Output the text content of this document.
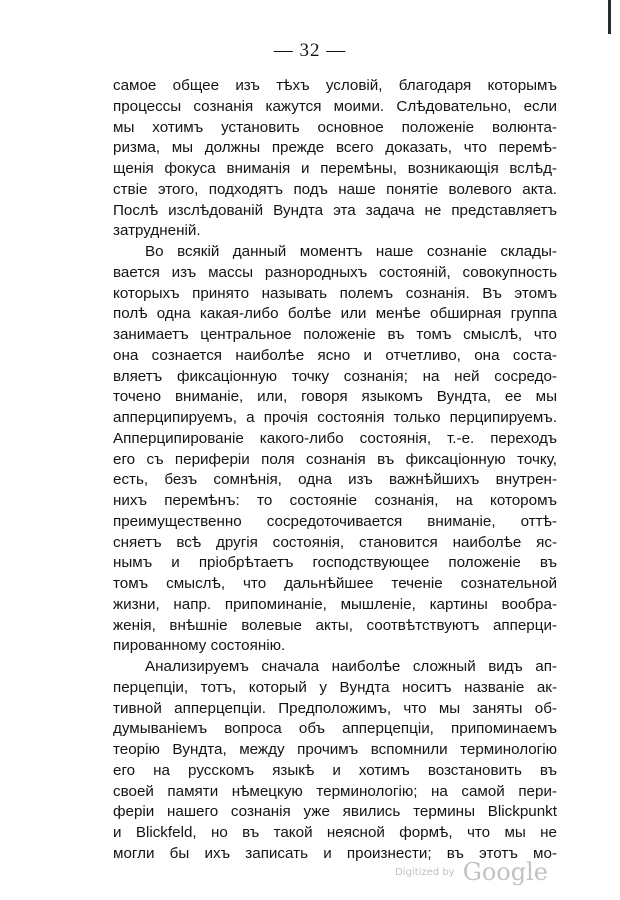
— 32 —
самое общее изъ тѣхъ условій, благодаря которымъ
процессы сознанія кажутся моими. Слѣдовательно, если
мы хотимъ установить основное положеніе волюнта-
ризма, мы должны прежде всего доказать, что перемѣ-
щенія фокуса вниманія и перемѣны, возникающія вслѣд-
ствіе этого, подходятъ подъ наше понятіе волевого акта.
Послѣ изслѣдованій Вундта эта задача не представляетъ
затрудненій.
Во всякій данный моментъ наше сознаніе склады-
вается изъ массы разнородныхъ состояній, совокупность
которыхъ принято называть полемъ сознанія. Въ этомъ
полѣ одна какая-либо болѣе или менѣе обширная группа
занимаетъ центральное положеніе въ томъ смыслѣ, что
она сознается наиболѣе ясно и отчетливо, она соста-
вляетъ фиксаціонную точку сознанія; на ней сосредо-
точено вниманіе, или, говоря языкомъ Вундта, ее мы
апперципируемъ, а прочія состоянія только перципируемъ.
Апперципированіе какого-либо состоянія, т.-е. переходъ
его съ периферіи поля сознанія въ фиксаціонную точку,
есть, безъ сомнѣнія, одна изъ важнѣйшихъ внутрен-
нихъ перемѣнъ: то состояніе сознанія, на которомъ
преимущественно сосредоточивается вниманіе, оттѣ-
сняетъ всѣ другія состоянія, становится наиболѣе яс-
нымъ и пріобрѣтаетъ господствующее положеніе въ
томъ смыслѣ, что дальнѣйшее теченіе сознательной
жизни, напр. припоминаніе, мышленіе, картины вообра-
женія, внѣшніе волевые акты, соотвѣтствуютъ апперци-
пированному состоянію.
Анализируемъ сначала наиболѣе сложный видъ ап-
перцепціи, тотъ, который у Вундта носитъ названіе ак-
тивной апперцепціи. Предположимъ, что мы заняты об-
думываніемъ вопроса объ апперцепціи, припоминаемъ
теорію Вундта, между прочимъ вспомнили терминологію
его на русскомъ языкѣ и хотимъ возстановить въ
своей памяти нѣмецкую терминологію; на самой пери-
феріи нашего сознанія уже явились термины Blickpunkt
и Blickfeld, но въ такой неясной формѣ, что мы не
могли бы ихъ записать и произнести; въ этотъ мо-
Digitized by Google
